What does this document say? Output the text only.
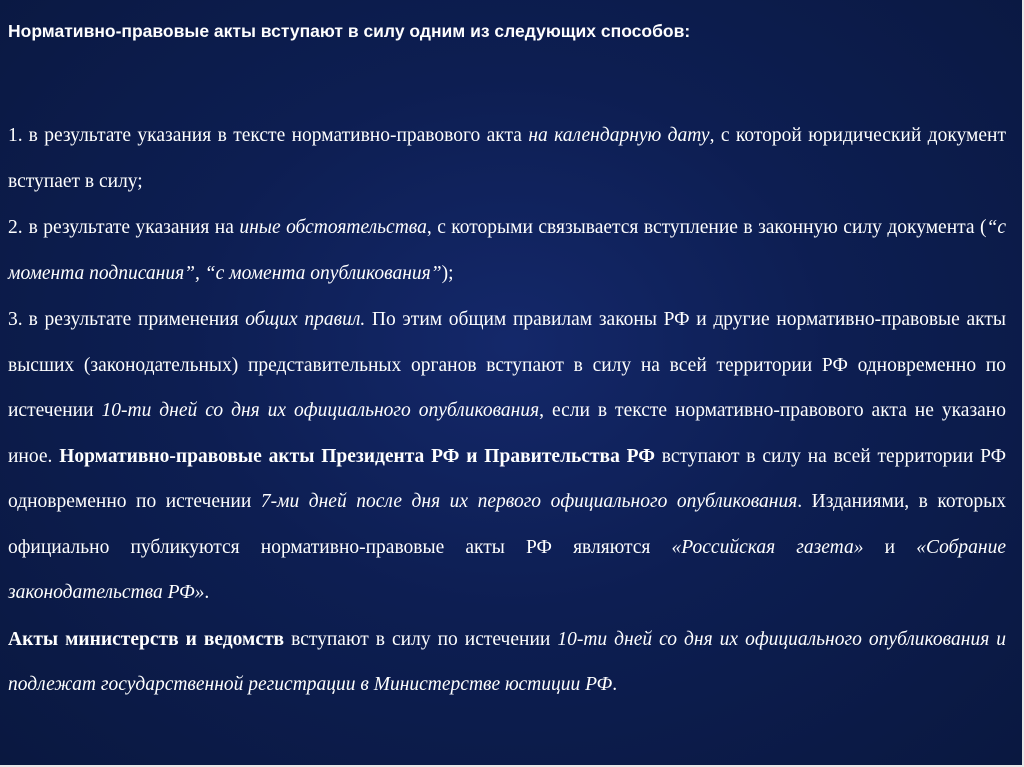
Нормативно-правовые акты вступают в силу одним из следующих способов:

1. в результате указания в тексте нормативно-правового акта на календарную дату, с которой юридический документ вступает в силу;

2. в результате указания на иные обстоятельства, с которыми связывается вступление в законную силу документа (“с момента подписания”, “с момента опубликования”);

3. в результате применения общих правил. По этим общим правилам законы РФ и другие нормативно-правовые акты высших (законодательных) представительных органов вступают в силу на всей территории РФ одновременно по истечении 10-ти дней со дня их официального опубликования, если в тексте нормативно-правового акта не указано иное. Нормативно-правовые акты Президента РФ и Правительства РФ вступают в силу на всей территории РФ одновременно по истечении 7-ми дней после дня их первого официального опубликования. Изданиями, в которых официально публикуются нормативно-правовые акты РФ являются «Российская газета» и «Собрание законодательства РФ».

Акты министерств и ведомств вступают в силу по истечении 10-ти дней со дня их официального опубликования и подлежат государственной регистрации в Министерстве юстиции РФ.
